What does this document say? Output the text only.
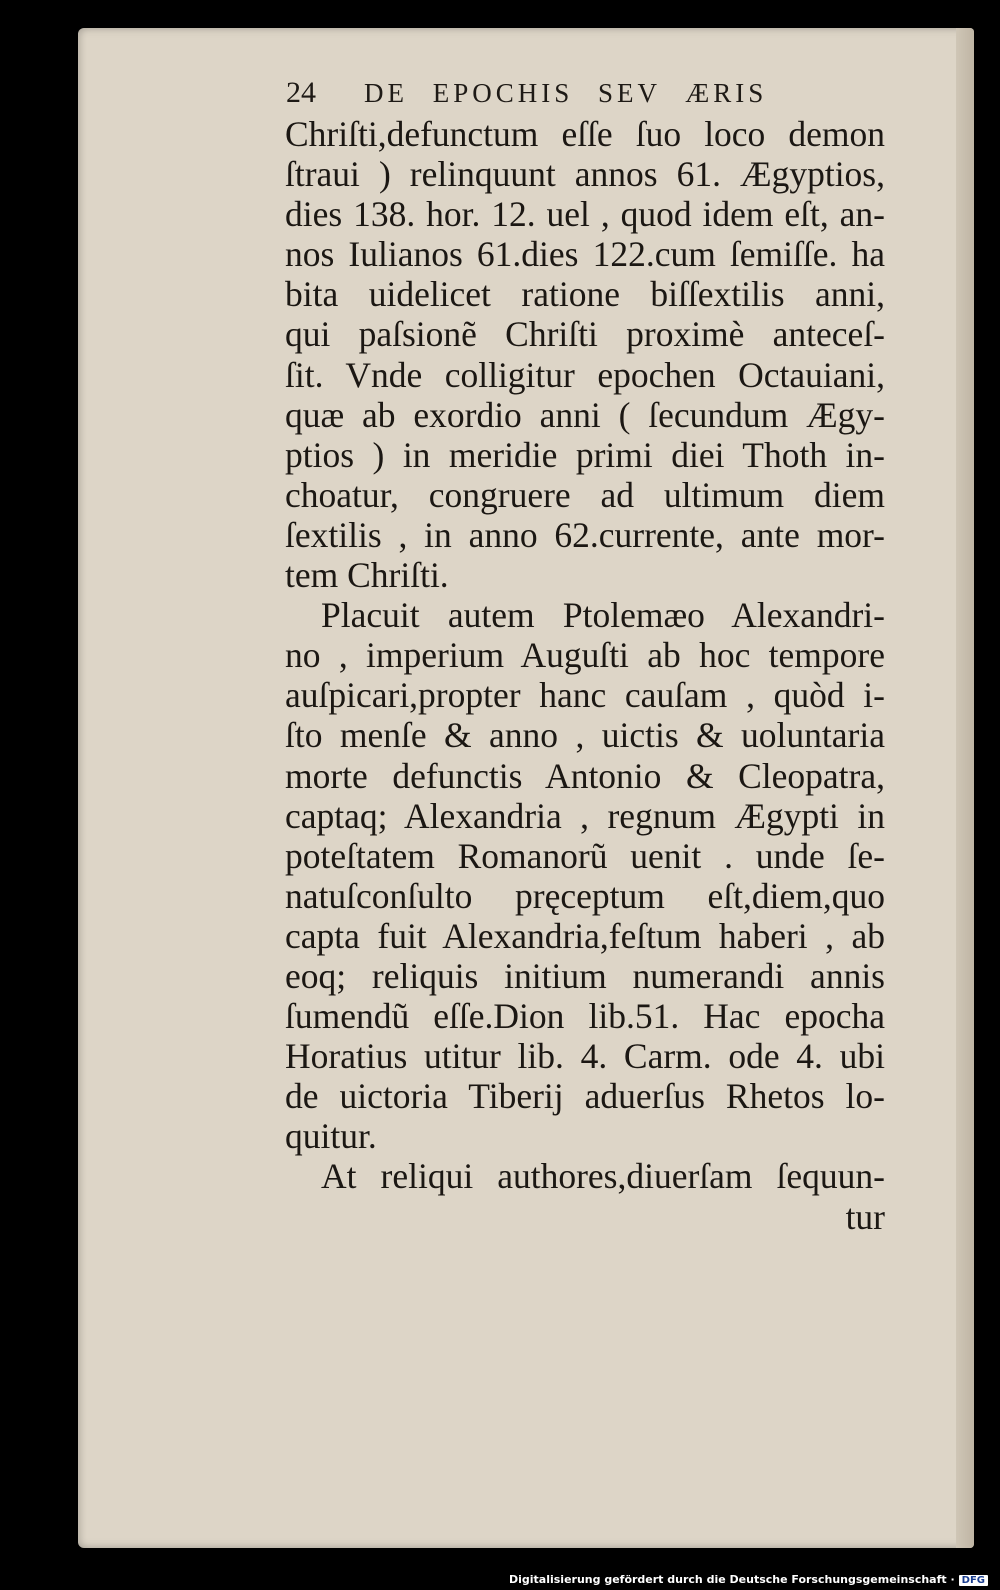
24 DE EPOCHIS SEV ÆRIS
Chriſti,defunctum eſſe ſuo loco demon
ſtraui ) relinquunt annos 61. Ægyptios,
dies 138. hor. 12. uel , quod idem eſt, an-
nos Iulianos 61.dies 122.cum ſemiſſe. ha
bita uidelicet ratione biſſextilis anni,
qui paſsionẽ Chriſti proximè anteceſ-
ſit. Vnde colligitur epochen Octauiani,
quæ ab exordio anni ( ſecundum Ægy-
ptios ) in meridie primi diei Thoth in-
choatur, congruere ad ultimum diem
ſextilis , in anno 62.currente, ante mor-
tem Chriſti.
Placuit autem Ptolemæo Alexandri-
no , imperium Auguſti ab hoc tempore
auſpicari,propter hanc cauſam , quòd i-
ſto menſe & anno , uictis & uoluntaria
morte defunctis Antonio & Cleopatra,
captaq; Alexandria , regnum Ægypti in
poteſtatem Romanorũ uenit . unde ſe-
natuſconſulto pręceptum eſt,diem,quo
capta fuit Alexandria,feſtum haberi , ab
eoq; reliquis initium numerandi annis
ſumendũ eſſe.Dion lib.51. Hac epocha
Horatius utitur lib. 4. Carm. ode 4. ubi
de uictoria Tiberij aduerſus Rhetos lo-
quitur.
At reliqui authores,diuerſam ſequun-
tur
Digitalisierung gefördert durch die Deutsche Forschungsgemeinschaft · DFG
